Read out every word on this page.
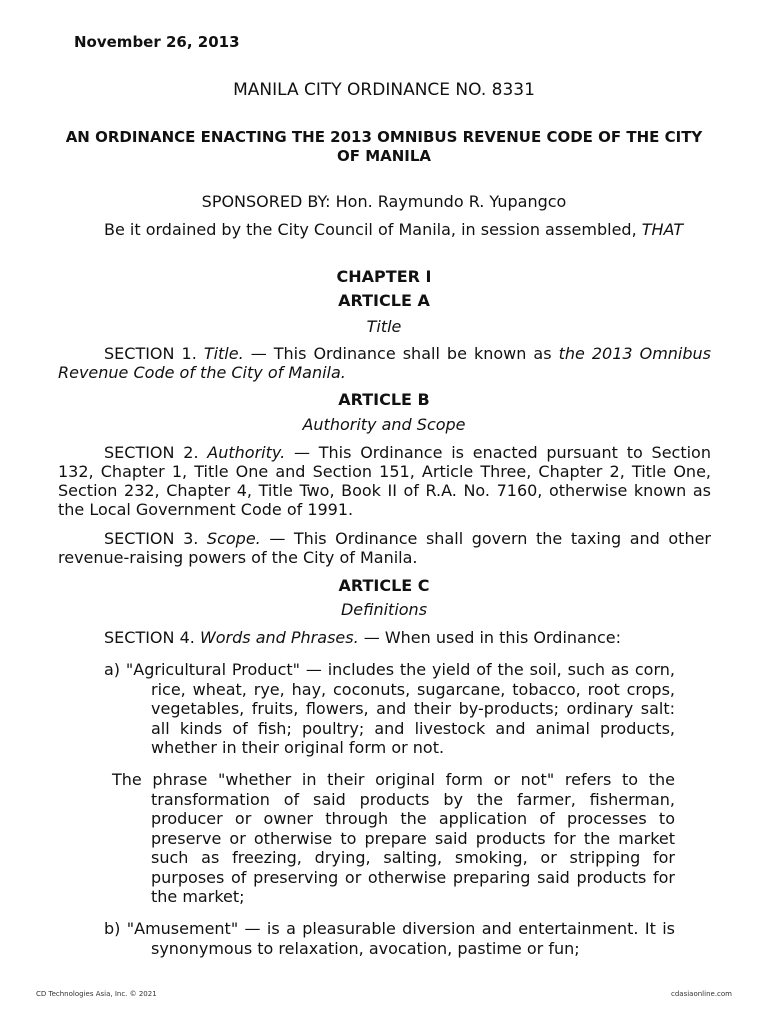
November 26, 2013
MANILA CITY ORDINANCE NO. 8331
AN ORDINANCE ENACTING THE 2013 OMNIBUS REVENUE CODE OF THE CITY OF MANILA
SPONSORED BY: Hon. Raymundo R. Yupangco
Be it ordained by the City Council of Manila, in session assembled, THAT
CHAPTER I
ARTICLE A
Title
SECTION 1. Title. — This Ordinance shall be known as the 2013 Omnibus Revenue Code of the City of Manila.
ARTICLE B
Authority and Scope
SECTION 2. Authority. — This Ordinance is enacted pursuant to Section 132, Chapter 1, Title One and Section 151, Article Three, Chapter 2, Title One, Section 232, Chapter 4, Title Two, Book II of R.A. No. 7160, otherwise known as the Local Government Code of 1991.
SECTION 3. Scope. — This Ordinance shall govern the taxing and other revenue-raising powers of the City of Manila.
ARTICLE C
Definitions
SECTION 4. Words and Phrases. — When used in this Ordinance:
a) "Agricultural Product" — includes the yield of the soil, such as corn, rice, wheat, rye, hay, coconuts, sugarcane, tobacco, root crops, vegetables, fruits, flowers, and their by-products; ordinary salt: all kinds of fish; poultry; and livestock and animal products, whether in their original form or not.
The phrase "whether in their original form or not" refers to the transformation of said products by the farmer, fisherman, producer or owner through the application of processes to preserve or otherwise to prepare said products for the market such as freezing, drying, salting, smoking, or stripping for purposes of preserving or otherwise preparing said products for the market;
b) "Amusement" — is a pleasurable diversion and entertainment. It is synonymous to relaxation, avocation, pastime or fun;
CD Technologies Asia, Inc. © 2021	cdasiaonline.com
